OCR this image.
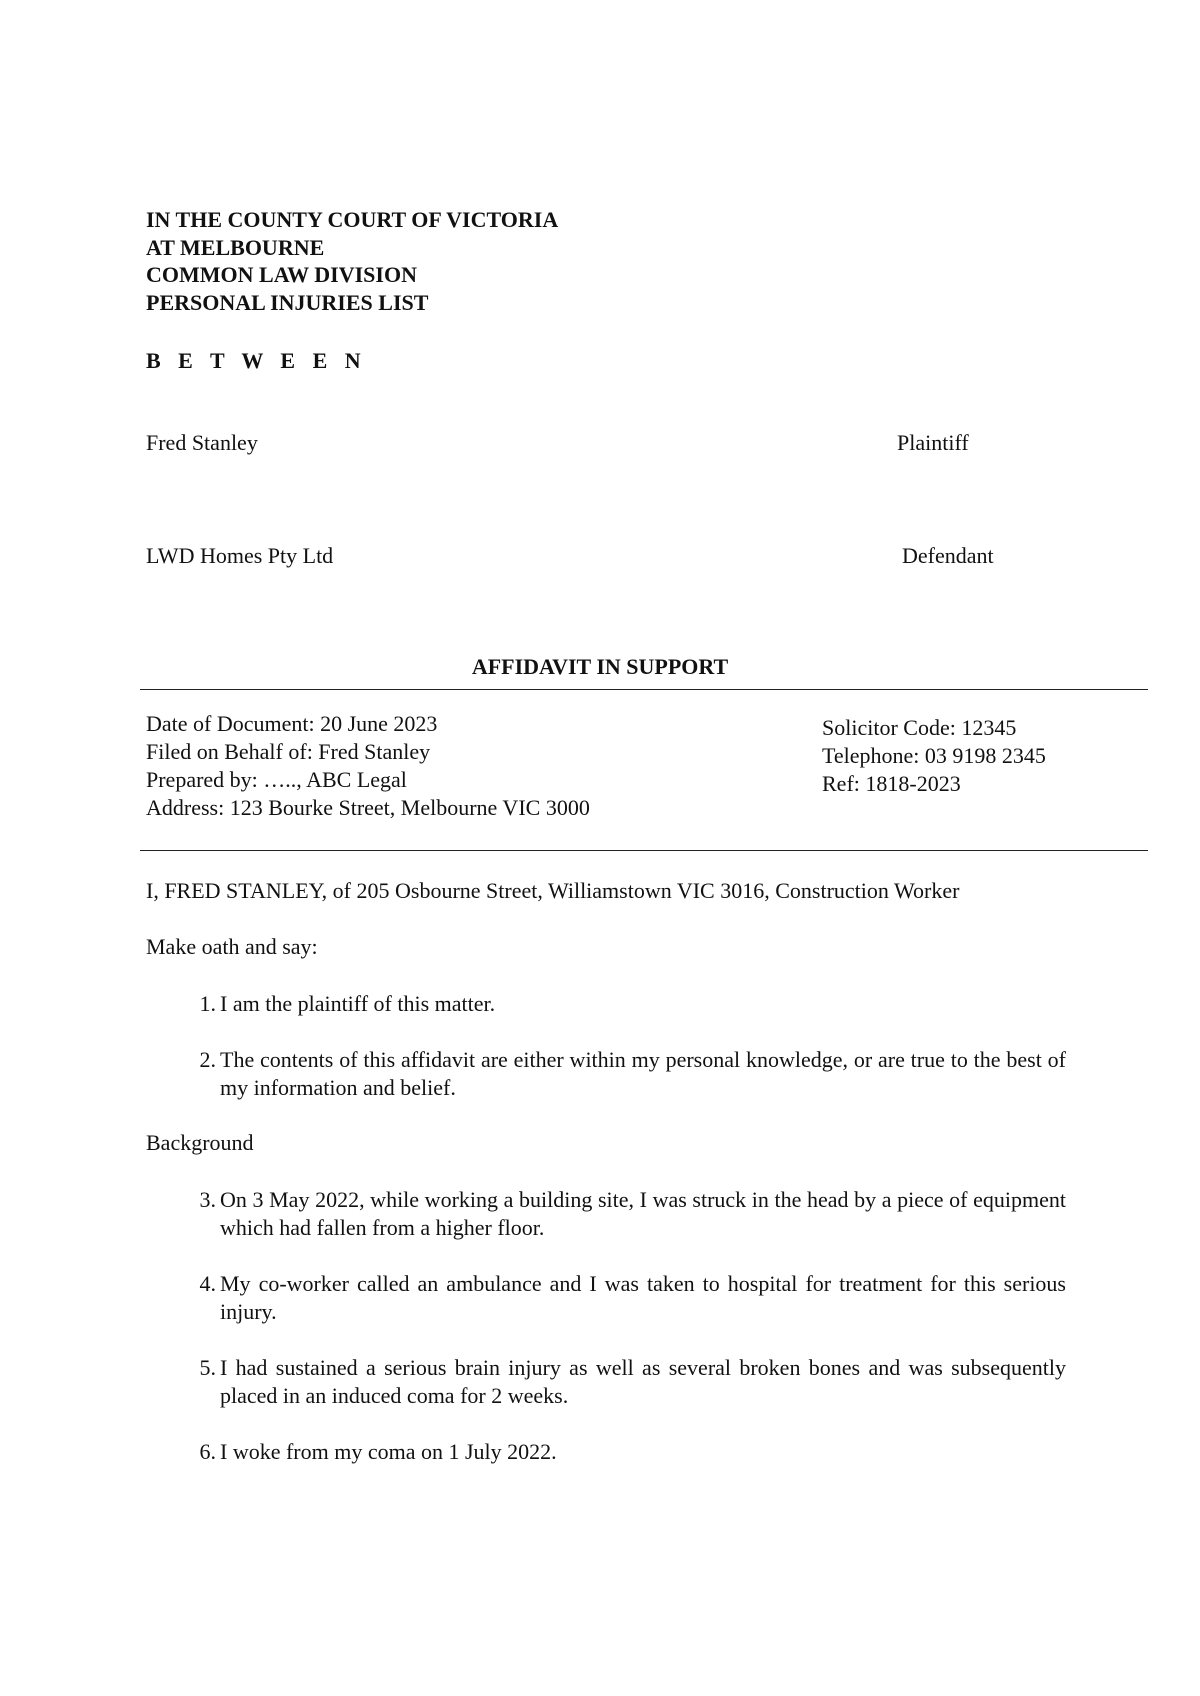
IN THE COUNTY COURT OF VICTORIA
AT MELBOURNE
COMMON LAW DIVISION
PERSONAL INJURIES LIST
B E T W E E N
Fred Stanley	Plaintiff
LWD Homes Pty Ltd	Defendant
AFFIDAVIT IN SUPPORT
Date of Document: 20 June 2023
Filed on Behalf of: Fred Stanley
Prepared by: ….., ABC Legal
Address: 123 Bourke Street, Melbourne VIC 3000
Solicitor Code: 12345
Telephone: 03 9198 2345
Ref: 1818-2023
I, FRED STANLEY, of 205 Osbourne Street, Williamstown VIC 3016, Construction Worker
Make oath and say:
1. I am the plaintiff of this matter.
2. The contents of this affidavit are either within my personal knowledge, or are true to the best of my information and belief.
Background
3. On 3 May 2022, while working a building site, I was struck in the head by a piece of equipment which had fallen from a higher floor.
4. My co-worker called an ambulance and I was taken to hospital for treatment for this serious injury.
5. I had sustained a serious brain injury as well as several broken bones and was subsequently placed in an induced coma for 2 weeks.
6. I woke from my coma on 1 July 2022.
